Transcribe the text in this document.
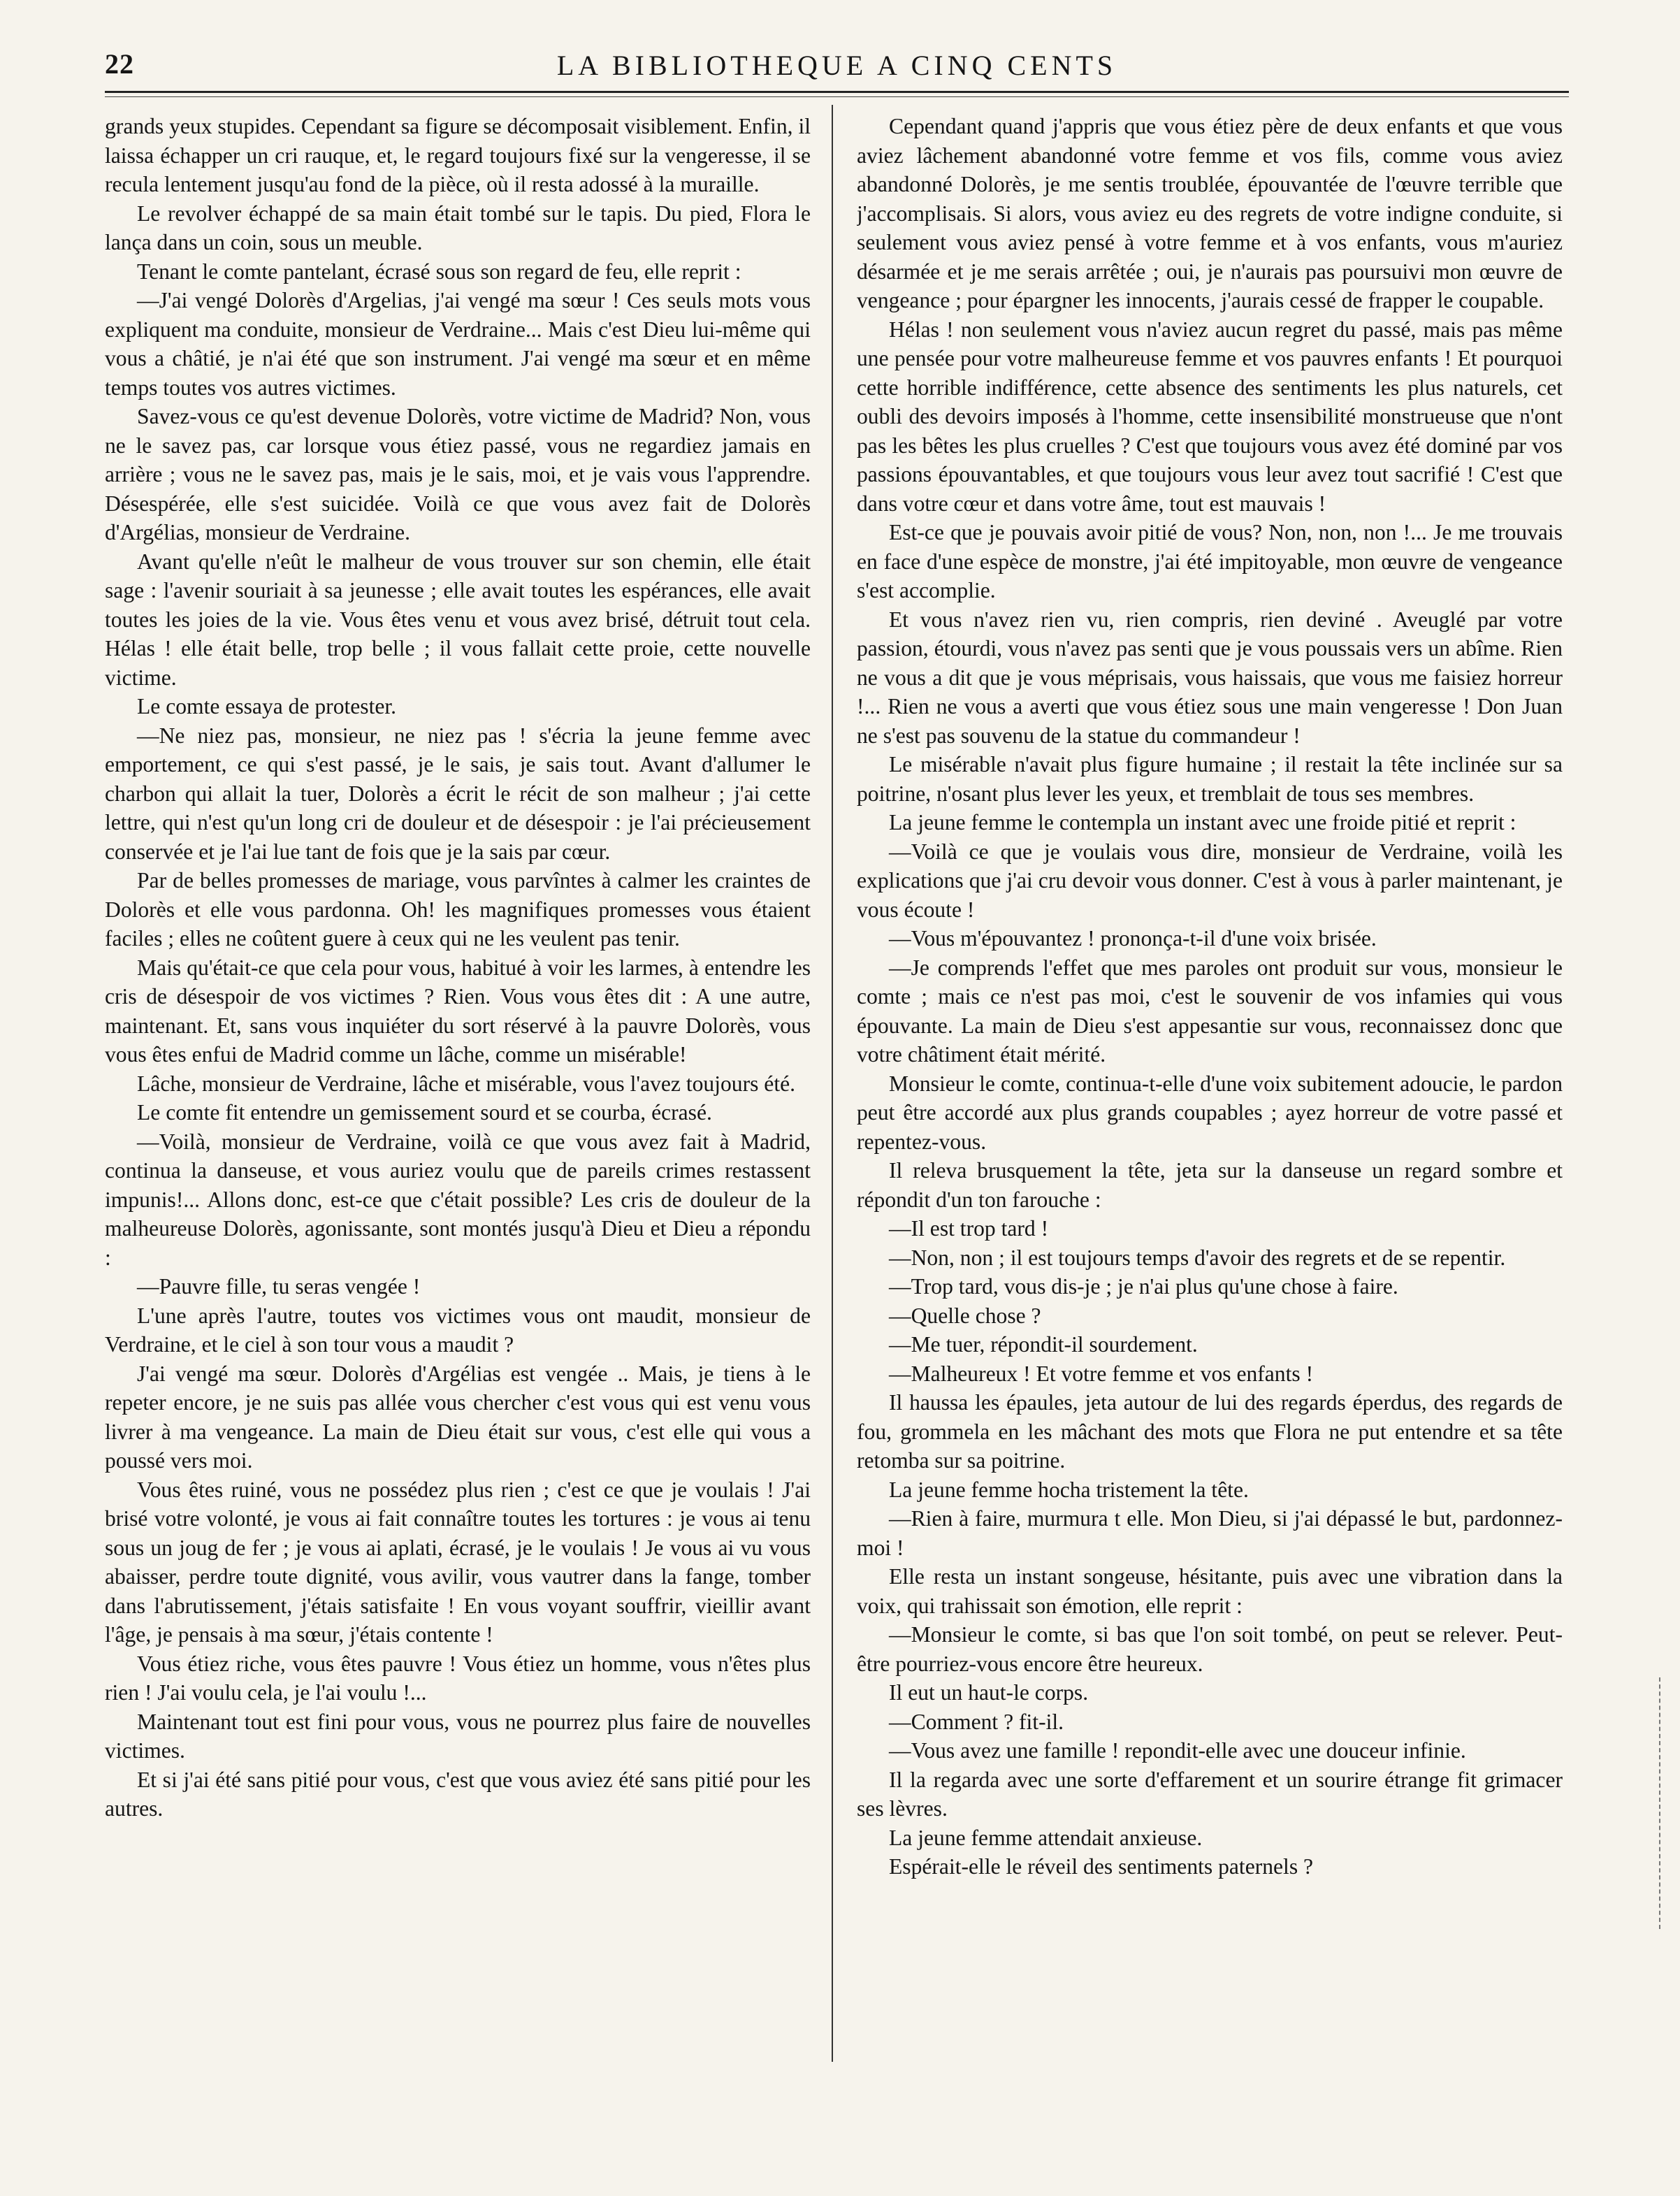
22	LA BIBLIOTHEQUE A CINQ CENTS

grands yeux stupides. Cependant sa figure se décomposait visiblement. Enfin, il laissa échapper un cri rauque, et, le regard toujours fixé sur la vengeresse, il se recula lentement jusqu'au fond de la pièce, où il resta adossé à la muraille.

Le revolver échappé de sa main était tombé sur le tapis. Du pied, Flora le lança dans un coin, sous un meuble.

Tenant le comte pantelant, écrasé sous son regard de feu, elle reprit :

—J'ai vengé Dolorès d'Argelias, j'ai vengé ma sœur ! Ces seuls mots vous expliquent ma conduite, monsieur de Verdraine... Mais c'est Dieu lui-même qui vous a châtié, je n'ai été que son instrument. J'ai vengé ma sœur et en même temps toutes vos autres victimes.

Savez-vous ce qu'est devenue Dolorès, votre victime de Madrid? Non, vous ne le savez pas, car lorsque vous étiez passé, vous ne regardiez jamais en arrière ; vous ne le savez pas, mais je le sais, moi, et je vais vous l'apprendre. Désespérée, elle s'est suicidée. Voilà ce que vous avez fait de Dolorès d'Argélias, monsieur de Verdraine.

Avant qu'elle n'eût le malheur de vous trouver sur son chemin, elle était sage : l'avenir souriait à sa jeunesse ; elle avait toutes les espérances, elle avait toutes les joies de la vie. Vous êtes venu et vous avez brisé, détruit tout cela. Hélas ! elle était belle, trop belle ; il vous fallait cette proie, cette nouvelle victime.

Le comte essaya de protester.

—Ne niez pas, monsieur, ne niez pas ! s'écria la jeune femme avec emportement, ce qui s'est passé, je le sais, je sais tout. Avant d'allumer le charbon qui allait la tuer, Dolorès a écrit le récit de son malheur ; j'ai cette lettre, qui n'est qu'un long cri de douleur et de désespoir : je l'ai précieusement conservée et je l'ai lue tant de fois que je la sais par cœur.

Par de belles promesses de mariage, vous parvîntes à calmer les craintes de Dolorès et elle vous pardonna. Oh! les magnifiques promesses vous étaient faciles ; elles ne coûtent guere à ceux qui ne les veulent pas tenir.

Mais qu'était-ce que cela pour vous, habitué à voir les larmes, à entendre les cris de désespoir de vos victimes ? Rien. Vous vous êtes dit : A une autre, maintenant. Et, sans vous inquiéter du sort réservé à la pauvre Dolorès, vous vous êtes enfui de Madrid comme un lâche, comme un misérable!

Lâche, monsieur de Verdraine, lâche et misérable, vous l'avez toujours été.

Le comte fit entendre un gemissement sourd et se courba, écrasé.

—Voilà, monsieur de Verdraine, voilà ce que vous avez fait à Madrid, continua la danseuse, et vous auriez voulu que de pareils crimes restassent impunis!... Allons donc, est-ce que c'était possible? Les cris de douleur de la malheureuse Dolorès, agonissante, sont montés jusqu'à Dieu et Dieu a répondu :

—Pauvre fille, tu seras vengée !

L'une après l'autre, toutes vos victimes vous ont maudit, monsieur de Verdraine, et le ciel à son tour vous a maudit ?

J'ai vengé ma sœur. Dolorès d'Argélias est vengée .. Mais, je tiens à le repeter encore, je ne suis pas allée vous chercher c'est vous qui est venu vous livrer à ma vengeance. La main de Dieu était sur vous, c'est elle qui vous a poussé vers moi.

Vous êtes ruiné, vous ne possédez plus rien ; c'est ce que je voulais ! J'ai brisé votre volonté, je vous ai fait connaître toutes les tortures : je vous ai tenu sous un joug de fer ; je vous ai aplati, écrasé, je le voulais ! Je vous ai vu vous abaisser, perdre toute dignité, vous avilir, vous vautrer dans la fange, tomber dans l'abrutissement, j'étais satisfaite ! En vous voyant souffrir, vieillir avant l'âge, je pensais à ma sœur, j'étais contente !

Vous étiez riche, vous êtes pauvre ! Vous étiez un homme, vous n'êtes plus rien ! J'ai voulu cela, je l'ai voulu !...

Maintenant tout est fini pour vous, vous ne pourrez plus faire de nouvelles victimes.

Et si j'ai été sans pitié pour vous, c'est que vous aviez été sans pitié pour les autres.

Cependant quand j'appris que vous étiez père de deux enfants et que vous aviez lâchement abandonné votre femme et vos fils, comme vous aviez abandonné Dolorès, je me sentis troublée, épouvantée de l'œuvre terrible que j'accomplisais. Si alors, vous aviez eu des regrets de votre indigne conduite, si seulement vous aviez pensé à votre femme et à vos enfants, vous m'auriez désarmée et je me serais arrêtée ; oui, je n'aurais pas poursuivi mon œuvre de vengeance ; pour épargner les innocents, j'aurais cessé de frapper le coupable.

Hélas ! non seulement vous n'aviez aucun regret du passé, mais pas même une pensée pour votre malheureuse femme et vos pauvres enfants ! Et pourquoi cette horrible indifférence, cette absence des sentiments les plus naturels, cet oubli des devoirs imposés à l'homme, cette insensibilité monstrueuse que n'ont pas les bêtes les plus cruelles ? C'est que toujours vous avez été dominé par vos passions épouvantables, et que toujours vous leur avez tout sacrifié ! C'est que dans votre cœur et dans votre âme, tout est mauvais !

Est-ce que je pouvais avoir pitié de vous? Non, non, non !... Je me trouvais en face d'une espèce de monstre, j'ai été impitoyable, mon œuvre de vengeance s'est accomplie.

Et vous n'avez rien vu, rien compris, rien deviné . Aveuglé par votre passion, étourdi, vous n'avez pas senti que je vous poussais vers un abîme. Rien ne vous a dit que je vous méprisais, vous haissais, que vous me faisiez horreur !... Rien ne vous a averti que vous étiez sous une main vengeresse ! Don Juan ne s'est pas souvenu de la statue du commandeur !

Le misérable n'avait plus figure humaine ; il restait la tête inclinée sur sa poitrine, n'osant plus lever les yeux, et tremblait de tous ses membres.

La jeune femme le contempla un instant avec une froide pitié et reprit :

—Voilà ce que je voulais vous dire, monsieur de Verdraine, voilà les explications que j'ai cru devoir vous donner. C'est à vous à parler maintenant, je vous écoute !

—Vous m'épouvantez ! prononça-t-il d'une voix brisée.

—Je comprends l'effet que mes paroles ont produit sur vous, monsieur le comte ; mais ce n'est pas moi, c'est le souvenir de vos infamies qui vous épouvante. La main de Dieu s'est appesantie sur vous, reconnaissez donc que votre châtiment était mérité.

Monsieur le comte, continua-t-elle d'une voix subitement adoucie, le pardon peut être accordé aux plus grands coupables ; ayez horreur de votre passé et repentez-vous.

Il releva brusquement la tête, jeta sur la danseuse un regard sombre et répondit d'un ton farouche :

—Il est trop tard !

—Non, non ; il est toujours temps d'avoir des regrets et de se repentir.

—Trop tard, vous dis-je ; je n'ai plus qu'une chose à faire.

—Quelle chose ?

—Me tuer, répondit-il sourdement.

—Malheureux ! Et votre femme et vos enfants !

Il haussa les épaules, jeta autour de lui des regards éperdus, des regards de fou, grommela en les mâchant des mots que Flora ne put entendre et sa tête retomba sur sa poitrine.

La jeune femme hocha tristement la tête.

—Rien à faire, murmura t elle. Mon Dieu, si j'ai dépassé le but, pardonnez-moi !

Elle resta un instant songeuse, hésitante, puis avec une vibration dans la voix, qui trahissait son émotion, elle reprit :

—Monsieur le comte, si bas que l'on soit tombé, on peut se relever. Peut-être pourriez-vous encore être heureux.

Il eut un haut-le corps.

—Comment ? fit-il.

—Vous avez une famille ! repondit-elle avec une douceur infinie.

Il la regarda avec une sorte d'effarement et un sourire étrange fit grimacer ses lèvres.

La jeune femme attendait anxieuse.

Espérait-elle le réveil des sentiments paternels ?
